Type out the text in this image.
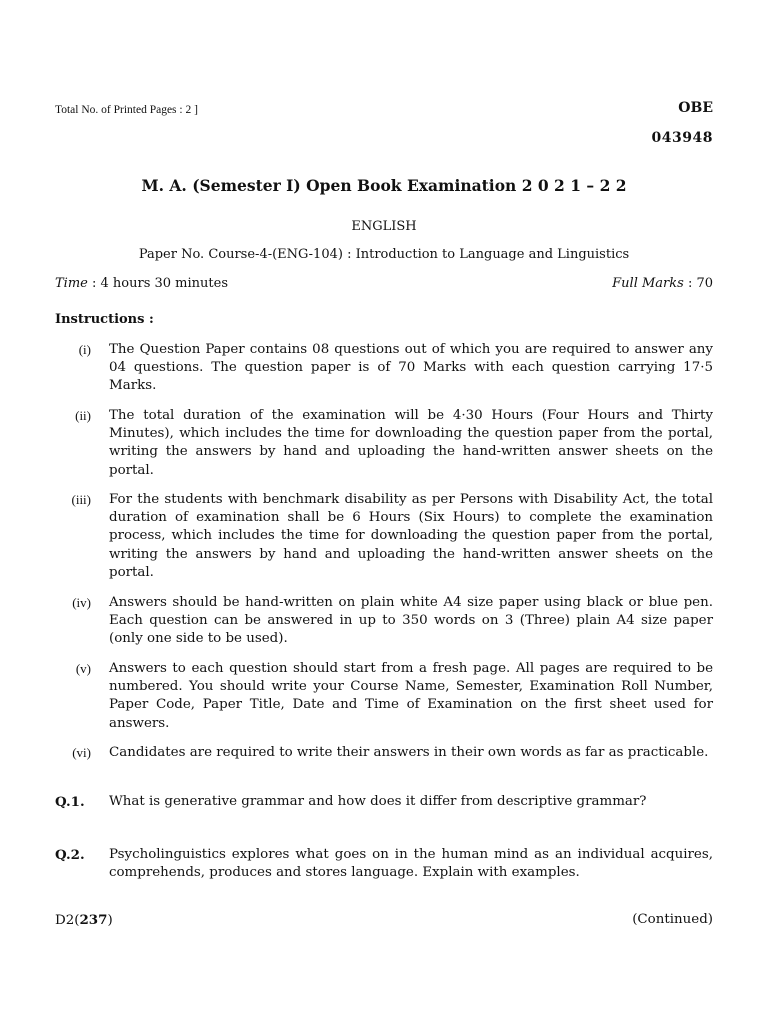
Total No. of Printed Pages : 2 ]	OBE
043948
M. A. (Semester I) Open Book Examination 2 0 2 1 – 2 2
ENGLISH
Paper No. Course-4-(ENG-104) : Introduction to Language and Linguistics
Time : 4 hours 30 minutes	Full Marks : 70
Instructions :
(i) The Question Paper contains 08 questions out of which you are required to answer any 04 questions. The question paper is of 70 Marks with each question carrying 17·5 Marks.
(ii) The total duration of the examination will be 4·30 Hours (Four Hours and Thirty Minutes), which includes the time for downloading the question paper from the portal, writing the answers by hand and uploading the hand-written answer sheets on the portal.
(iii) For the students with benchmark disability as per Persons with Disability Act, the total duration of examination shall be 6 Hours (Six Hours) to complete the examination process, which includes the time for downloading the question paper from the portal, writing the answers by hand and uploading the hand-written answer sheets on the portal.
(iv) Answers should be hand-written on plain white A4 size paper using black or blue pen. Each question can be answered in up to 350 words on 3 (Three) plain A4 size paper (only one side to be used).
(v) Answers to each question should start from a fresh page. All pages are required to be numbered. You should write your Course Name, Semester, Examination Roll Number, Paper Code, Paper Title, Date and Time of Examination on the first sheet used for answers.
(vi) Candidates are required to write their answers in their own words as far as practicable.
Q.1.	What is generative grammar and how does it differ from descriptive grammar?
Q.2.	Psycholinguistics explores what goes on in the human mind as an individual acquires, comprehends, produces and stores language. Explain with examples.
D2(237)	(Continued)
